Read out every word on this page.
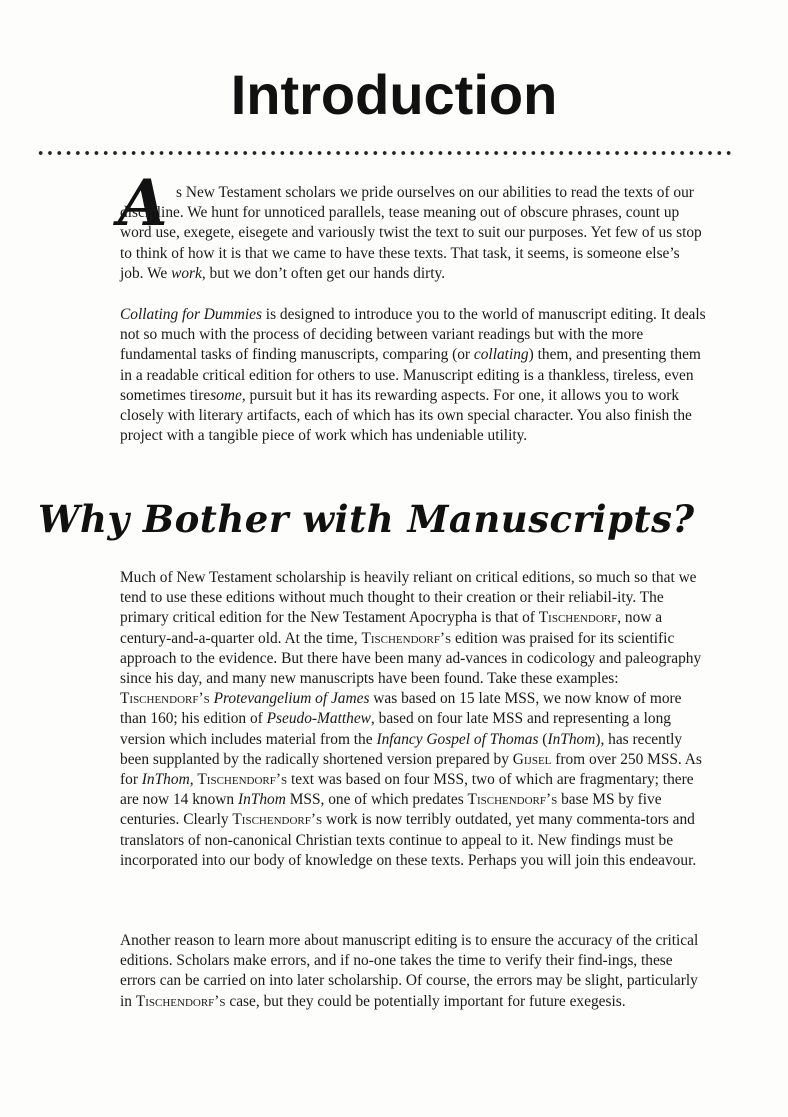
Introduction
A s New Testament scholars we pride ourselves on our abilities to read the texts of our discipline. We hunt for unnoticed parallels, tease meaning out of obscure phrases, count up word use, exegete, eisegete and variously twist the text to suit our purposes. Yet few of us stop to think of how it is that we came to have these texts. That task, it seems, is someone else’s job. We work, but we don’t often get our hands dirty.

Collating for Dummies is designed to introduce you to the world of manuscript editing. It deals not so much with the process of deciding between variant readings but with the more fundamental tasks of finding manuscripts, comparing (or collating) them, and presenting them in a readable critical edition for others to use. Manuscript editing is a thankless, tireless, even sometimes tiresome, pursuit but it has its rewarding aspects. For one, it allows you to work closely with literary artifacts, each of which has its own special character. You also finish the project with a tangible piece of work which has undeniable utility.

Why Bother with Manuscripts?

Much of New Testament scholarship is heavily reliant on critical editions, so much so that we tend to use these editions without much thought to their creation or their reliabil-ity. The primary critical edition for the New Testament Apocrypha is that of Tischendorf, now a century-and-a-quarter old. At the time, Tischendorf’s edition was praised for its scientific approach to the evidence. But there have been many ad-vances in codicology and paleography since his day, and many new manuscripts have been found. Take these examples: Tischendorf’s Protevangelium of James was based on 15 late MSS, we now know of more than 160; his edition of Pseudo-Matthew, based on four late MSS and representing a long version which includes material from the Infancy Gospel of Thomas (InThom), has recently been supplanted by the radically shortened version prepared by Gijsel from over 250 MSS. As for InThom, Tischendorf’s text was based on four MSS, two of which are fragmentary; there are now 14 known InThom MSS, one of which predates Tischendorf’s base MS by five centuries. Clearly Tischendorf’s work is now terribly outdated, yet many commenta-tors and translators of non-canonical Christian texts continue to appeal to it. New findings must be incorporated into our body of knowledge on these texts. Perhaps you will join this endeavour.

Another reason to learn more about manuscript editing is to ensure the accuracy of the critical editions. Scholars make errors, and if no-one takes the time to verify their find-ings, these errors can be carried on into later scholarship. Of course, the errors may be slight, particularly in Tischendorf’s case, but they could be potentially important for future exegesis.
